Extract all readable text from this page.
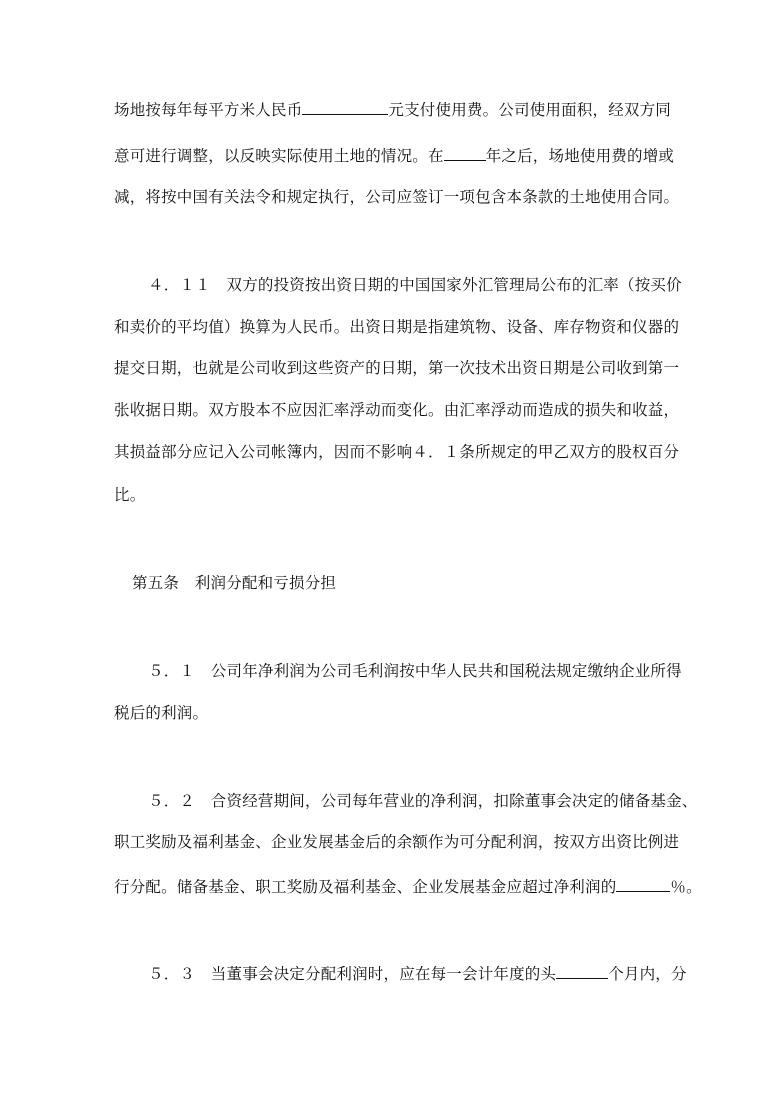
场地按每年每平方米人民币	元支付使用费。公司使用面积，经双方同
意可进行调整，以反映实际使用土地的情况。在	年之后，场地使用费的增或
减，将按中国有关法令和规定执行，公司应签订一项包含本条款的土地使用合同。
４．１１　双方的投资按出资日期的中国国家外汇管理局公布的汇率（按买价
和卖价的平均值）换算为人民币。出资日期是指建筑物、设备、库存物资和仪器的
提交日期，也就是公司收到这些资产的日期，第一次技术出资日期是公司收到第一
张收据日期。双方股本不应因汇率浮动而变化。由汇率浮动而造成的损失和收益，
其损益部分应记入公司帐簿内，因而不影响４．１条所规定的甲乙双方的股权百分
比。
第五条　利润分配和亏损分担
５．１　公司年净利润为公司毛利润按中华人民共和国税法规定缴纳企业所得
税后的利润。
５．２　合资经营期间，公司每年营业的净利润，扣除董事会决定的储备基金、
职工奖励及福利基金、企业发展基金后的余额作为可分配利润，按双方出资比例进
行分配。储备基金、职工奖励及福利基金、企业发展基金应超过净利润的	％。
５．３　当董事会决定分配利润时，应在每一会计年度的头	个月内，分
